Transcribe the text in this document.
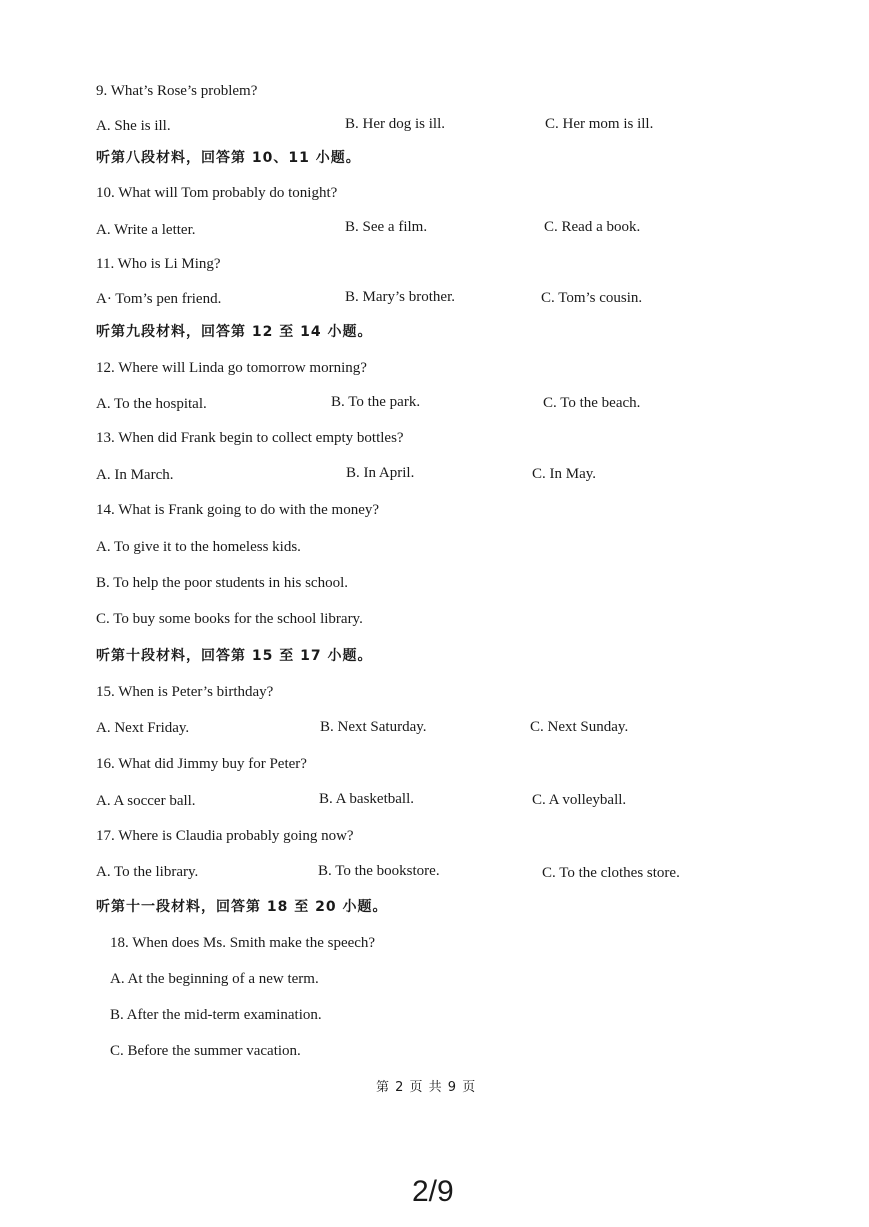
9. What’s Rose’s problem?
A. She is ill.	B. Her dog is ill.	C. Her mom is ill.
听第八段材料，回答第 10、11 小题。
10. What will Tom probably do tonight?
A. Write a letter.	B. See a film.	C. Read a book.
11. Who is Li Ming?
A· Tom’s pen friend.	B. Mary’s brother.	C. Tom’s cousin.
听第九段材料，回答第 12 至 14 小题。
12. Where will Linda go tomorrow morning?
A. To the hospital.	B. To the park.	C. To the beach.
13. When did Frank begin to collect empty bottles?
A. In March.	B. In April.	C. In May.
14. What is Frank going to do with the money?
A. To give it to the homeless kids.
B. To help the poor students in his school.
C. To buy some books for the school library.
听第十段材料，回答第 15 至 17 小题。
15. When is Peter’s birthday?
A. Next Friday.	B. Next Saturday.	C. Next Sunday.
16. What did Jimmy buy for Peter?
A. A soccer ball.	B. A basketball.	C. A volleyball.
17. Where is Claudia probably going now?
A. To the library.	B. To the bookstore.	C. To the clothes store.
听第十一段材料，回答第 18 至 20 小题。
18. When does Ms. Smith make the speech?
A. At the beginning of a new term.
B. After the mid-term examination.
C. Before the summer vacation.
第 2 页 共 9 页
2/9
